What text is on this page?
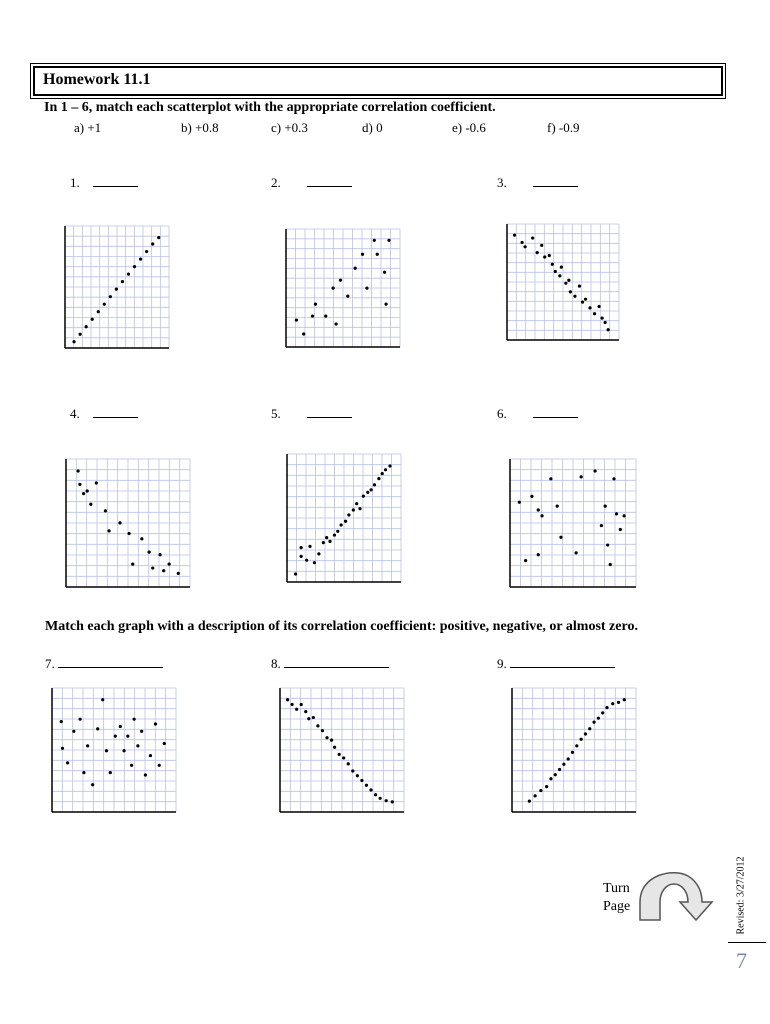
Homework 11.1
In 1 – 6, match each scatterplot with the appropriate correlation coefficient.
a) +1	b) +0.8	c) +0.3	d) 0	e) -0.6	f) -0.9
1.	2.	3.
4.	5.	6.
Match each graph with a description of its correlation coefficient: positive, negative, or almost zero.
7.	8.	9.
Turn
Page	Revised: 3/27/2012
7
